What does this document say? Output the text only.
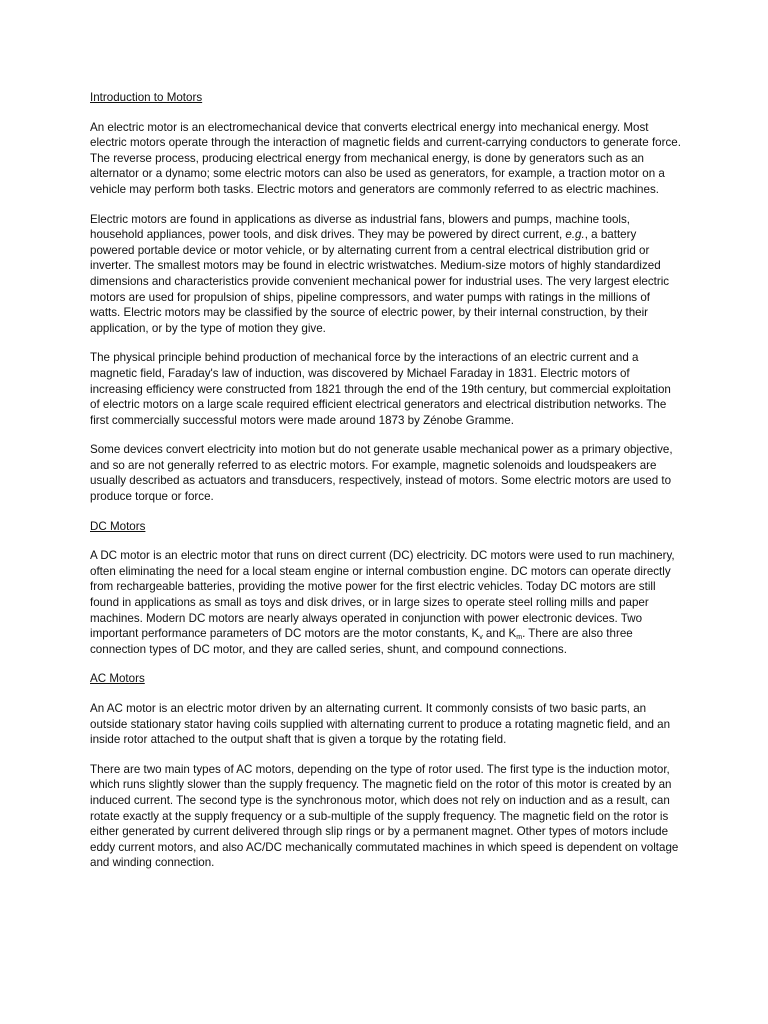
Introduction to Motors

An electric motor is an electromechanical device that converts electrical energy into mechanical energy. Most electric motors operate through the interaction of magnetic fields and current-carrying conductors to generate force. The reverse process, producing electrical energy from mechanical energy, is done by generators such as an alternator or a dynamo; some electric motors can also be used as generators, for example, a traction motor on a vehicle may perform both tasks. Electric motors and generators are commonly referred to as electric machines.

Electric motors are found in applications as diverse as industrial fans, blowers and pumps, machine tools, household appliances, power tools, and disk drives. They may be powered by direct current, e.g., a battery powered portable device or motor vehicle, or by alternating current from a central electrical distribution grid or inverter. The smallest motors may be found in electric wristwatches. Medium-size motors of highly standardized dimensions and characteristics provide convenient mechanical power for industrial uses. The very largest electric motors are used for propulsion of ships, pipeline compressors, and water pumps with ratings in the millions of watts. Electric motors may be classified by the source of electric power, by their internal construction, by their application, or by the type of motion they give.

The physical principle behind production of mechanical force by the interactions of an electric current and a magnetic field, Faraday's law of induction, was discovered by Michael Faraday in 1831. Electric motors of increasing efficiency were constructed from 1821 through the end of the 19th century, but commercial exploitation of electric motors on a large scale required efficient electrical generators and electrical distribution networks. The first commercially successful motors were made around 1873 by Zénobe Gramme.

Some devices convert electricity into motion but do not generate usable mechanical power as a primary objective, and so are not generally referred to as electric motors. For example, magnetic solenoids and loudspeakers are usually described as actuators and transducers, respectively, instead of motors. Some electric motors are used to produce torque or force.

DC Motors

A DC motor is an electric motor that runs on direct current (DC) electricity. DC motors were used to run machinery, often eliminating the need for a local steam engine or internal combustion engine. DC motors can operate directly from rechargeable batteries, providing the motive power for the first electric vehicles. Today DC motors are still found in applications as small as toys and disk drives, or in large sizes to operate steel rolling mills and paper machines. Modern DC motors are nearly always operated in conjunction with power electronic devices. Two important performance parameters of DC motors are the motor constants, $K_v$ and $K_m$. There are also three connection types of DC motor, and they are called series, shunt, and compound connections.

AC Motors

An AC motor is an electric motor driven by an alternating current. It commonly consists of two basic parts, an outside stationary stator having coils supplied with alternating current to produce a rotating magnetic field, and an inside rotor attached to the output shaft that is given a torque by the rotating field.

There are two main types of AC motors, depending on the type of rotor used. The first type is the induction motor, which runs slightly slower than the supply frequency. The magnetic field on the rotor of this motor is created by an induced current. The second type is the synchronous motor, which does not rely on induction and as a result, can rotate exactly at the supply frequency or a sub-multiple of the supply frequency. The magnetic field on the rotor is either generated by current delivered through slip rings or by a permanent magnet. Other types of motors include eddy current motors, and also AC/DC mechanically commutated machines in which speed is dependent on voltage and winding connection.
